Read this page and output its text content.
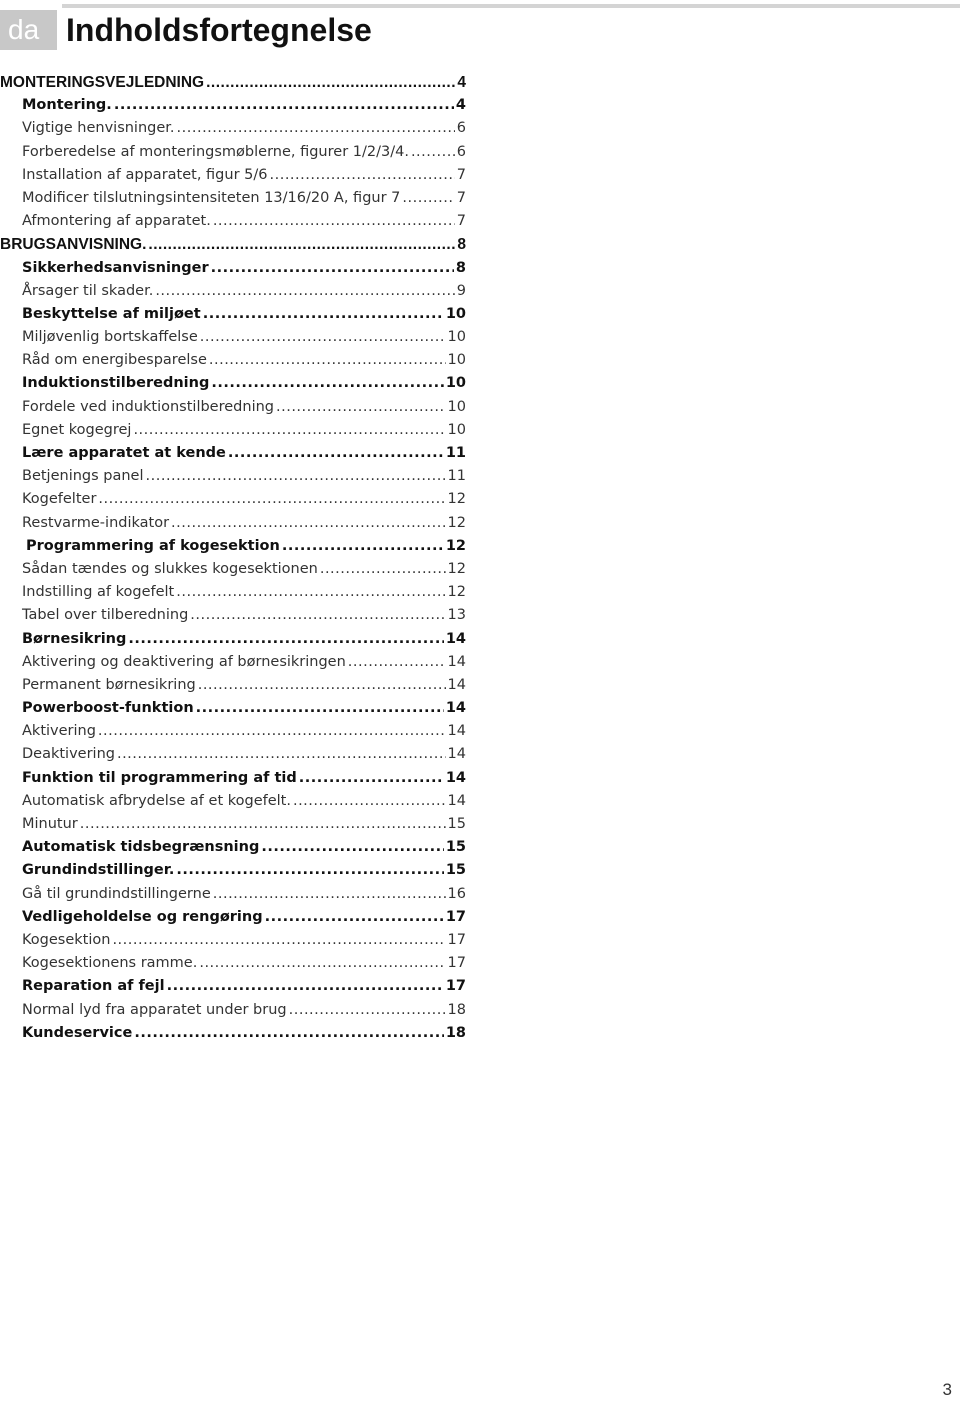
da Indholdsfortegnelse
MONTERINGSVEJLEDNING .....	4
Montering. .....	4
Vigtige henvisninger. .....	6
Forberedelse af monteringsmøblerne, figurer 1/2/3/4. .....	6
Installation af apparatet, figur 5/6 .....	7
Modificer tilslutningsintensiteten 13/16/20 A, figur 7 .....	7
Afmontering af apparatet. .....	7
BRUGSANVISNING. .....	8
Sikkerhedsanvisninger .....	8
Årsager til skader. .....	9
Beskyttelse af miljøet .....	10
Miljøvenlig bortskaffelse .....	10
Råd om energibesparelse .....	10
Induktionstilberedning .....	10
Fordele ved induktionstilberedning .....	10
Egnet kogegrej .....	10
Lære apparatet at kende .....	11
Betjenings panel .....	11
Kogefelter .....	12
Restvarme-indikator .....	12
Programmering af kogesektion .....	12
Sådan tændes og slukkes kogesektionen .....	12
Indstilling af kogefelt .....	12
Tabel over tilberedning .....	13
Børnesikring .....	14
Aktivering og deaktivering af børnesikringen .....	14
Permanent børnesikring .....	14
Powerboost-funktion .....	14
Aktivering .....	14
Deaktivering .....	14
Funktion til programmering af tid .....	14
Automatisk afbrydelse af et kogefelt. .....	14
Minutur .....	15
Automatisk tidsbegrænsning .....	15
Grundindstillinger. .....	15
Gå til grundindstillingerne .....	16
Vedligeholdelse og rengøring .....	17
Kogesektion .....	17
Kogesektionens ramme. .....	17
Reparation af fejl .....	17
Normal lyd fra apparatet under brug .....	18
Kundeservice .....	18
3
